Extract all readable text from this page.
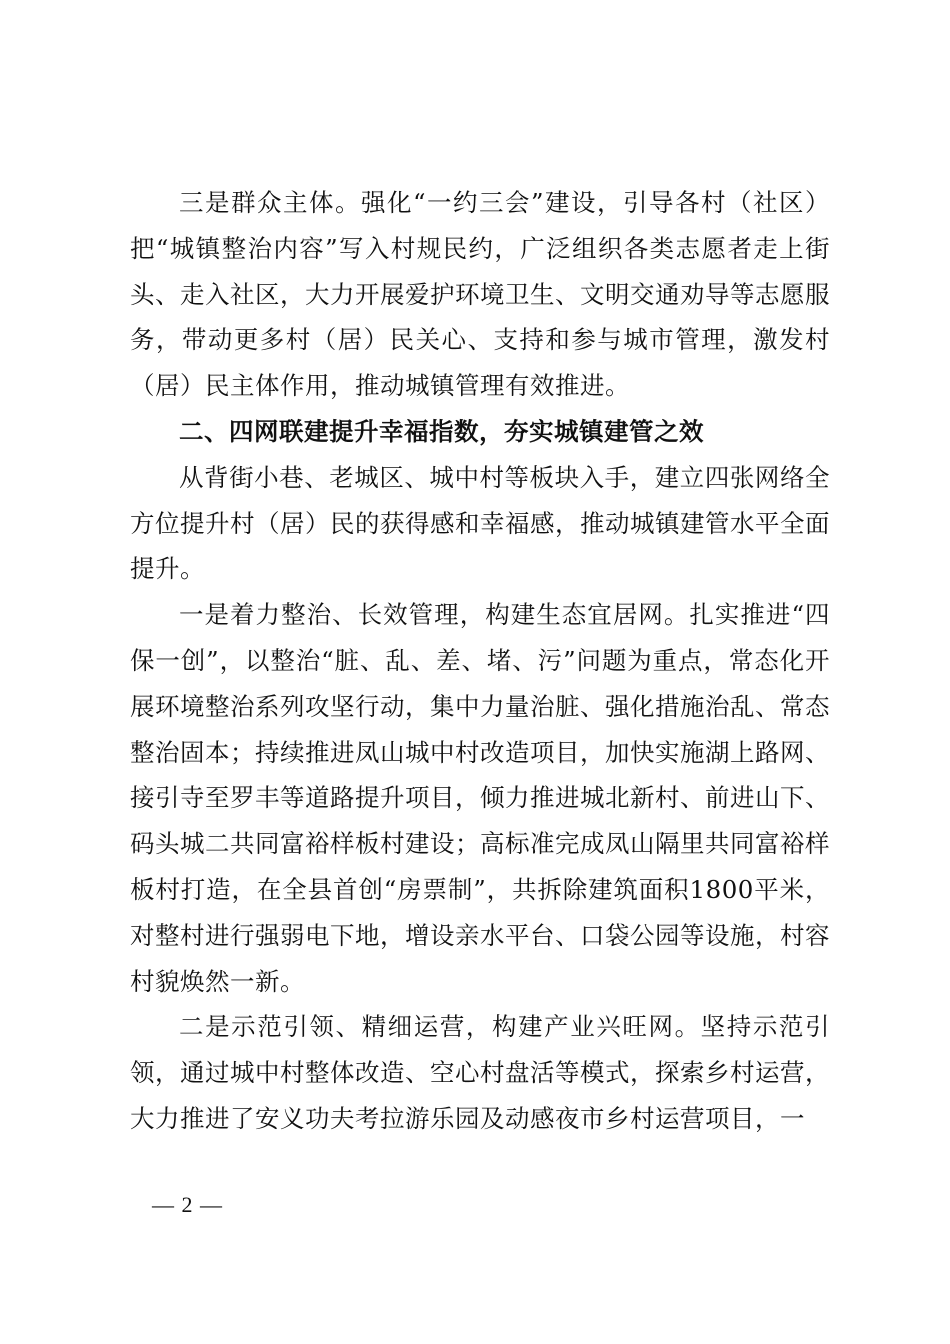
三是群众主体。强化“一约三会”建设，引导各村（社区）把“城镇整治内容”写入村规民约，广泛组织各类志愿者走上街头、走入社区，大力开展爱护环境卫生、文明交通劝导等志愿服务，带动更多村（居）民关心、支持和参与城市管理，激发村（居）民主体作用，推动城镇管理有效推进。

二、四网联建提升幸福指数，夯实城镇建管之效

从背街小巷、老城区、城中村等板块入手，建立四张网络全方位提升村（居）民的获得感和幸福感，推动城镇建管水平全面提升。

一是着力整治、长效管理，构建生态宜居网。扎实推进“四保一创”，以整治“脏、乱、差、堵、污”问题为重点，常态化开展环境整治系列攻坚行动，集中力量治脏、强化措施治乱、常态整治固本；持续推进凤山城中村改造项目，加快实施湖上路网、接引寺至罗丰等道路提升项目，倾力推进城北新村、前进山下、码头城二共同富裕样板村建设；高标准完成凤山隔里共同富裕样板村打造，在全县首创“房票制”，共拆除建筑面积1800平米，对整村进行强弱电下地，增设亲水平台、口袋公园等设施，村容村貌焕然一新。

二是示范引领、精细运营，构建产业兴旺网。坚持示范引领，通过城中村整体改造、空心村盘活等模式，探索乡村运营，大力推进了安义功夫考拉游乐园及动感夜市乡村运营项目，一

— 2 —
